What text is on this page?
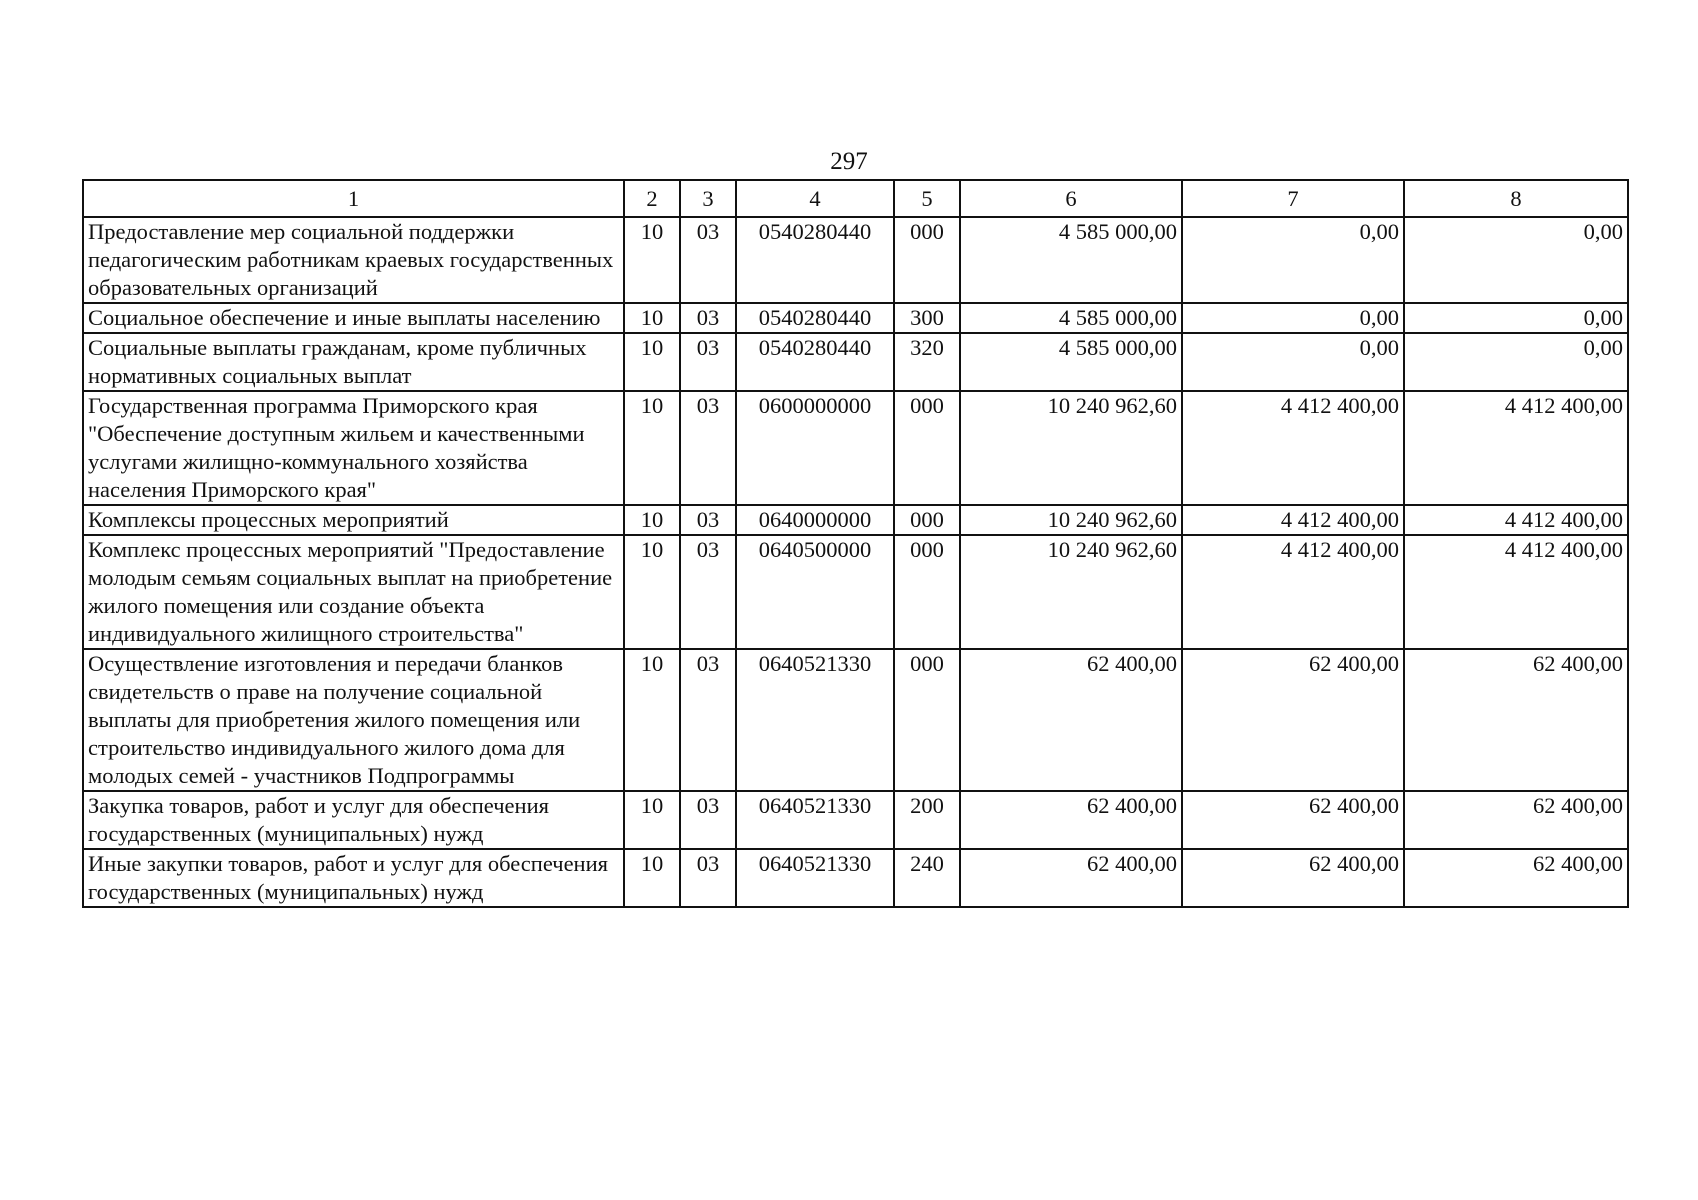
297
1	2	3	4	5	6	7	8
Предоставление мер социальной поддержки педагогическим работникам краевых государственных образовательных организаций	10	03	0540280440	000	4 585 000,00	0,00	0,00
Социальное обеспечение и иные выплаты населению	10	03	0540280440	300	4 585 000,00	0,00	0,00
Социальные выплаты гражданам, кроме публичных нормативных социальных выплат	10	03	0540280440	320	4 585 000,00	0,00	0,00
Государственная программа Приморского края "Обеспечение доступным жильем и качественными услугами жилищно-коммунального хозяйства населения Приморского края"	10	03	0600000000	000	10 240 962,60	4 412 400,00	4 412 400,00
Комплексы процессных мероприятий	10	03	0640000000	000	10 240 962,60	4 412 400,00	4 412 400,00
Комплекс процессных мероприятий "Предоставление молодым семьям социальных выплат на приобретение жилого помещения или создание объекта индивидуального жилищного строительства"	10	03	0640500000	000	10 240 962,60	4 412 400,00	4 412 400,00
Осуществление изготовления и передачи бланков свидетельств о праве на получение социальной выплаты для приобретения жилого помещения или строительство индивидуального жилого дома для молодых семей - участников Подпрограммы	10	03	0640521330	000	62 400,00	62 400,00	62 400,00
Закупка товаров, работ и услуг для обеспечения государственных (муниципальных) нужд	10	03	0640521330	200	62 400,00	62 400,00	62 400,00
Иные закупки товаров, работ и услуг для обеспечения государственных (муниципальных) нужд	10	03	0640521330	240	62 400,00	62 400,00	62 400,00
